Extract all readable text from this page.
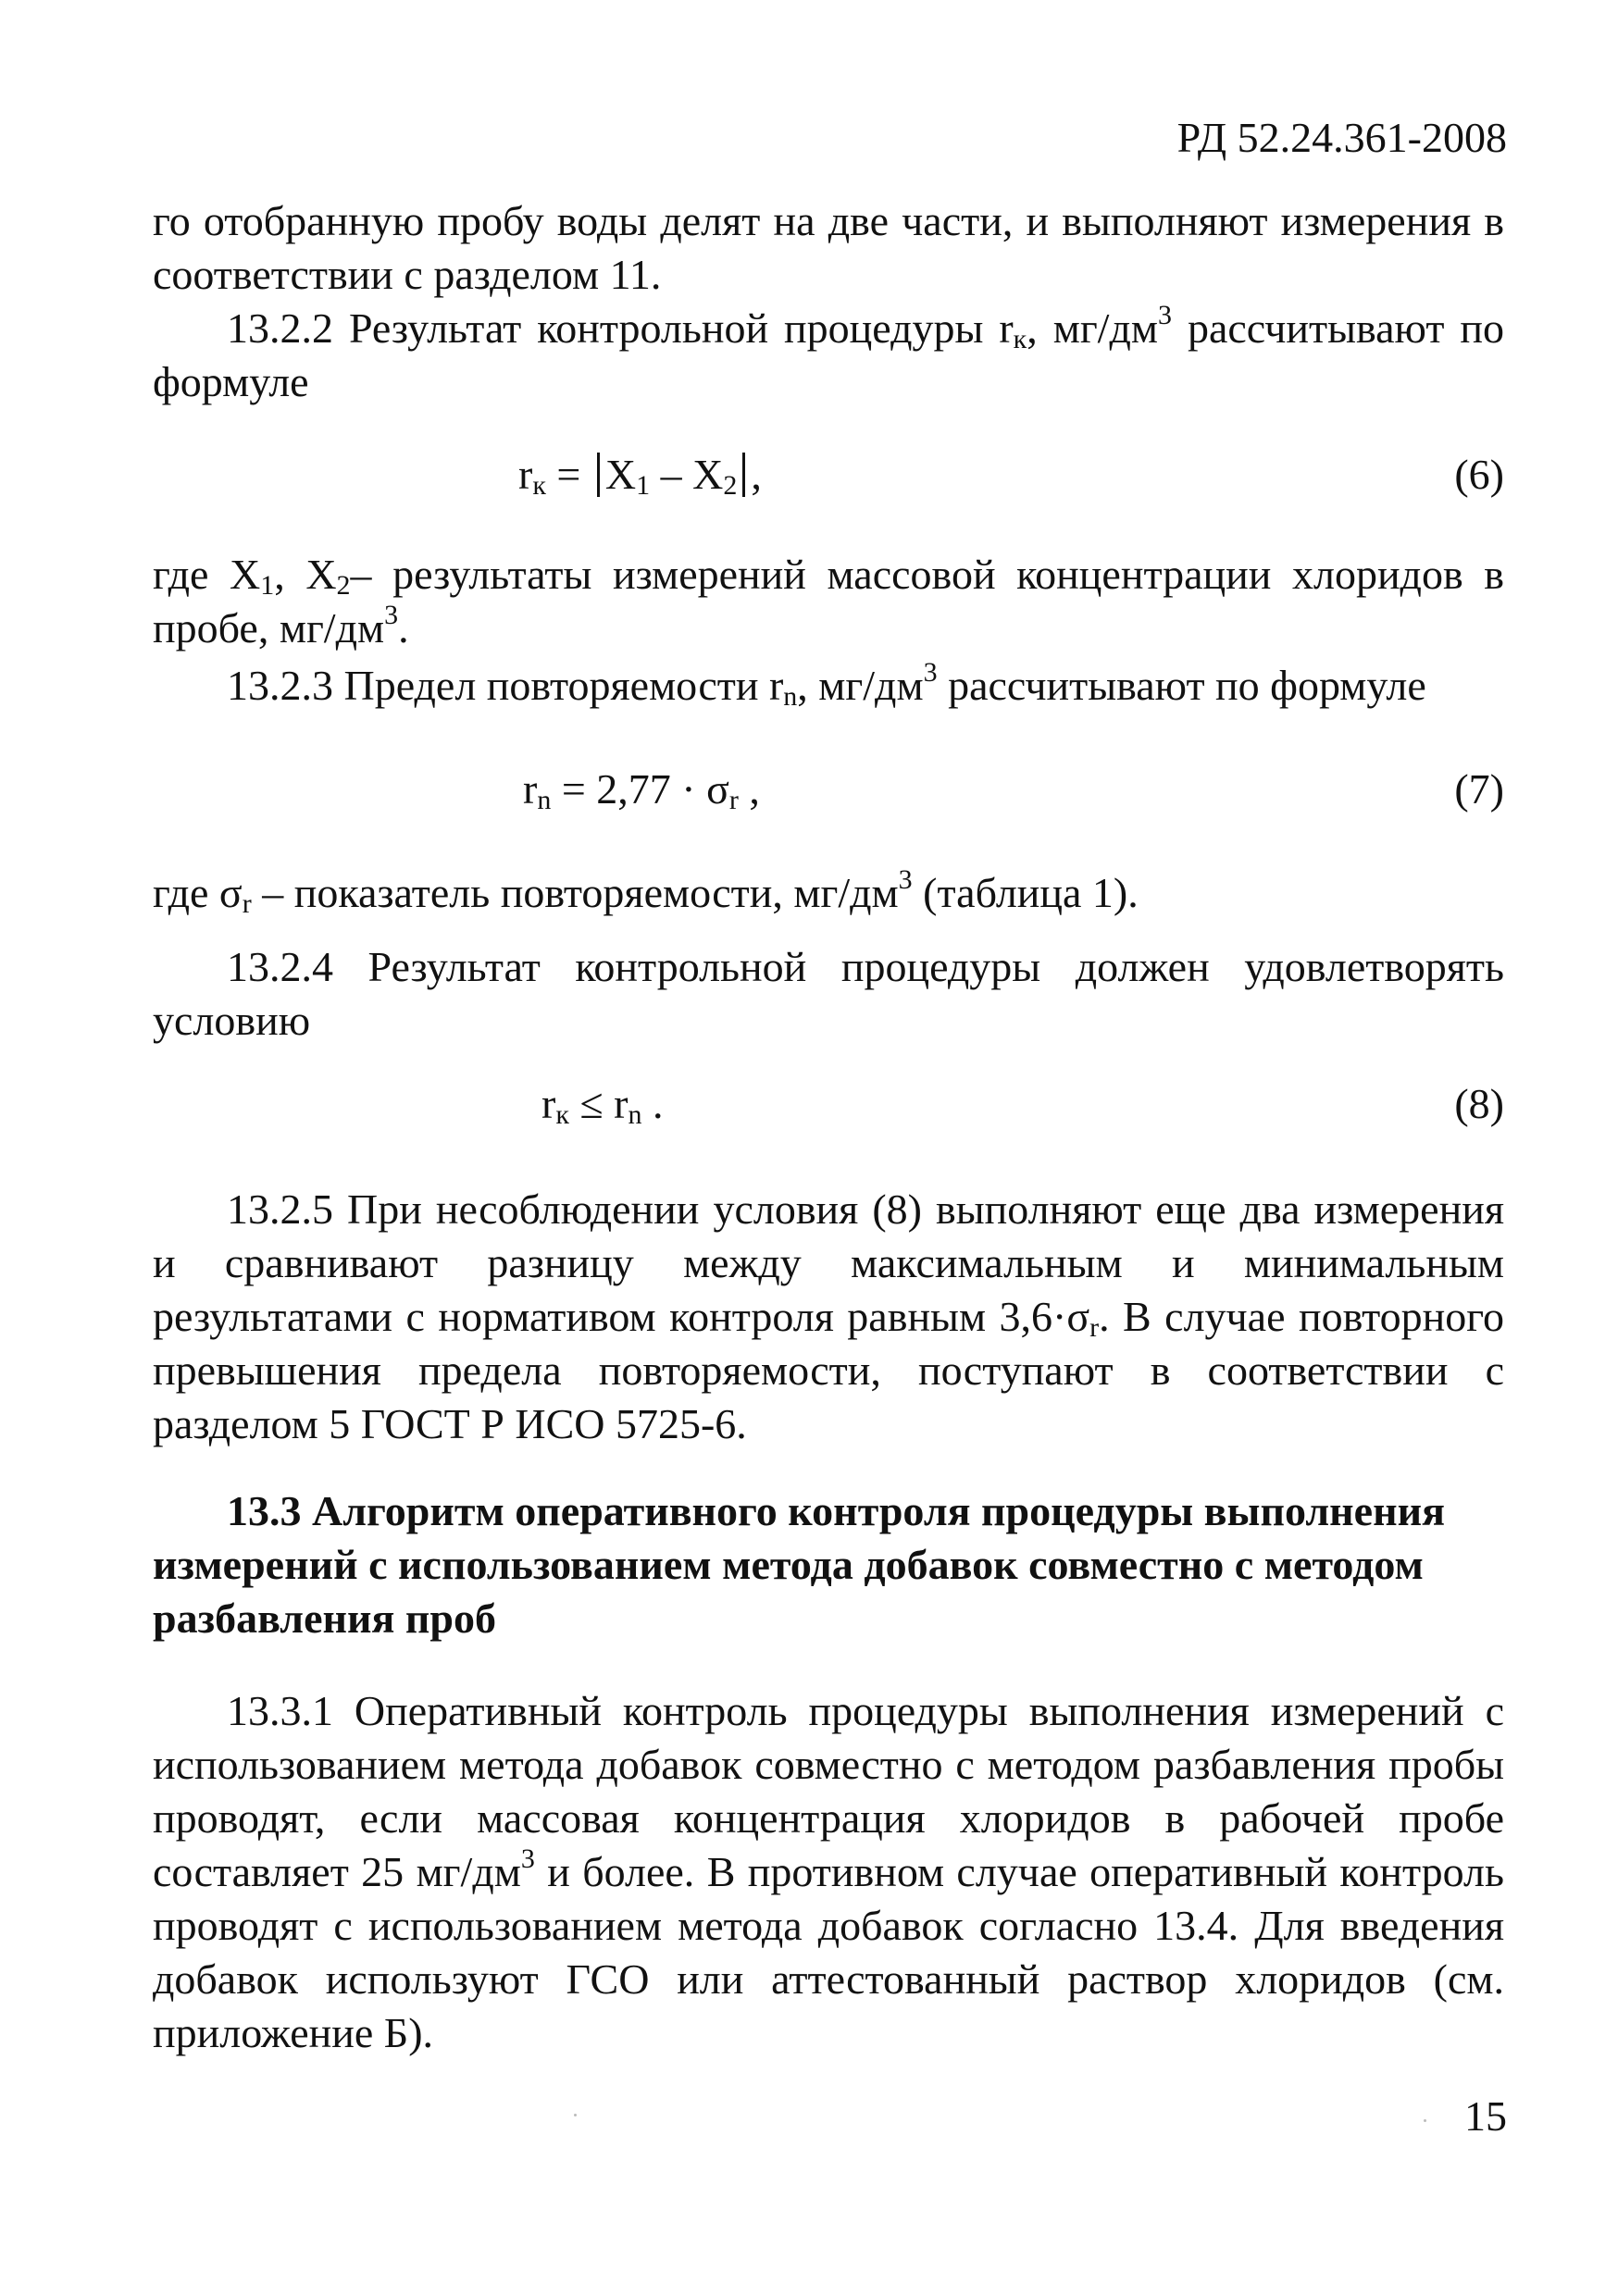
РД 52.24.361-2008

го отобранную пробу воды делят на две части, и выполняют измерения в соответствии с разделом 11.

13.2.2 Результат контрольной процедуры $r_к$, $мг/дм^3$ рассчитывают по формуле

$r_к = X_1 - X_2$ ,	(6)

где $X_1$, $X_2-$ результаты измерений массовой концентрации хлоридов в пробе, $мг/дм^3$.

13.2.3 Предел повторяемости $r_n$, $мг/дм^3$ рассчитывают по формуле

$r_n = 2,77 \cdot \sigma_r$ ,	(7)

где $\sigma_r$ – показатель повторяемости, $мг/дм^3$ (таблица 1).

13.2.4 Результат контрольной процедуры должен удовлетворять условию

$r_к \le r_n$ .	(8)

13.2.5 При несоблюдении условия (8) выполняют еще два измерения и сравнивают разницу между максимальным и минимальным результатами с нормативом контроля равным $3,6\cdot\sigma_r$. В случае повторного превышения предела повторяемости, поступают в соответствии с разделом 5 ГОСТ Р ИСО 5725-6.

13.3 Алгоритм оперативного контроля процедуры выполнения измерений с использованием метода добавок совместно с методом разбавления проб

13.3.1 Оперативный контроль процедуры выполнения измерений с использованием метода добавок совместно с методом разбавления пробы проводят, если массовая концентрация хлоридов в рабочей пробе составляет 25 $мг/дм^3$ и более. В противном случае оперативный контроль проводят с использованием метода добавок согласно 13.4. Для введения добавок используют ГСО или аттестованный раствор хлоридов (см. приложение Б).

15
